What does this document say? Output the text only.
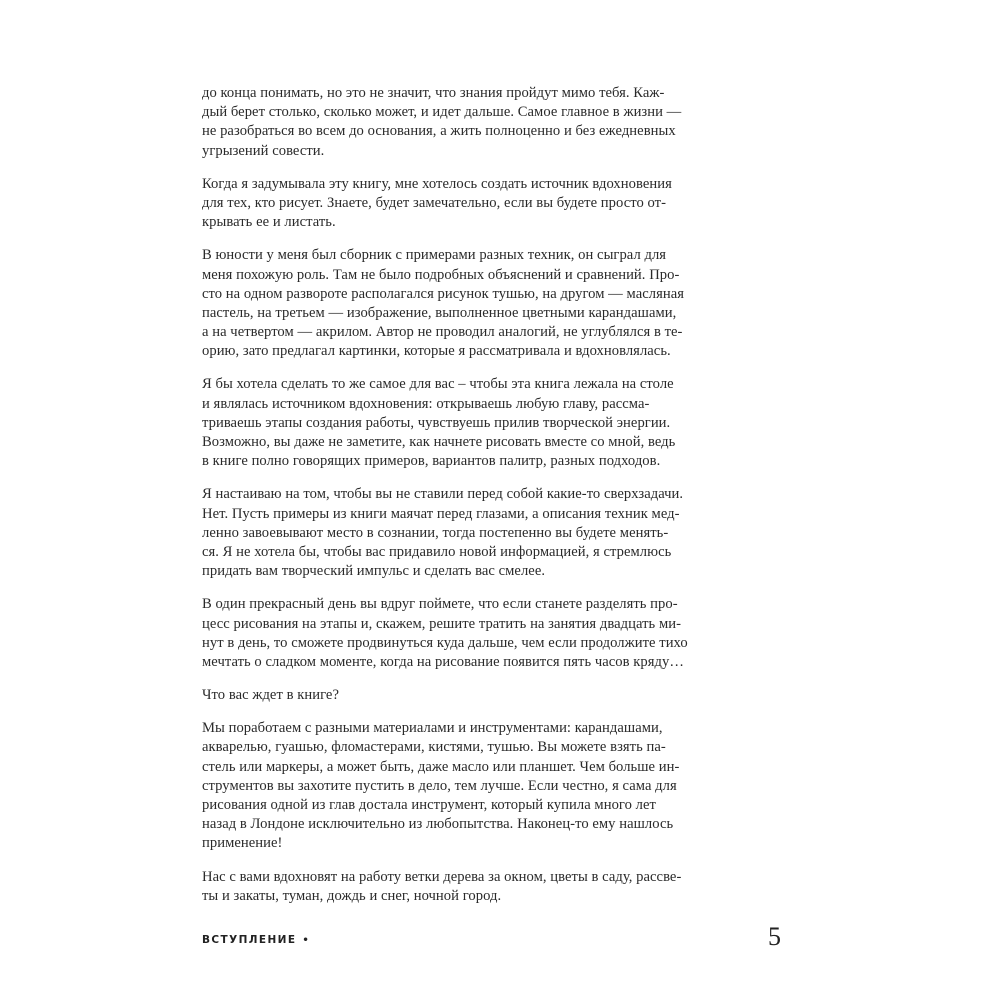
до конца понимать, но это не значит, что знания пройдут мимо тебя. Каж-
дый берет столько, сколько может, и идет дальше. Самое главное в жизни —
не разобраться во всем до основания, а жить полноценно и без ежедневных
угрызений совести.

Когда я задумывала эту книгу, мне хотелось создать источник вдохновения
для тех, кто рисует. Знаете, будет замечательно, если вы будете просто от-
крывать ее и листать.

В юности у меня был сборник с примерами разных техник, он сыграл для
меня похожую роль. Там не было подробных объяснений и сравнений. Про-
сто на одном развороте располагался рисунок тушью, на другом — масляная
пастель, на третьем — изображение, выполненное цветными карандашами,
а на четвертом — акрилом. Автор не проводил аналогий, не углублялся в те-
орию, зато предлагал картинки, которые я рассматривала и вдохновлялась.

Я бы хотела сделать то же самое для вас – чтобы эта книга лежала на столе
и являлась источником вдохновения: открываешь любую главу, рассма-
триваешь этапы создания работы, чувствуешь прилив творческой энергии.
Возможно, вы даже не заметите, как начнете рисовать вместе со мной, ведь
в книге полно говорящих примеров, вариантов палитр, разных подходов.

Я настаиваю на том, чтобы вы не ставили перед собой какие-то сверхзадачи.
Нет. Пусть примеры из книги маячат перед глазами, а описания техник мед-
ленно завоевывают место в сознании, тогда постепенно вы будете менять-
ся. Я не хотела бы, чтобы вас придавило новой информацией, я стремлюсь
придать вам творческий импульс и сделать вас смелее.

В один прекрасный день вы вдруг поймете, что если станете разделять про-
цесс рисования на этапы и, скажем, решите тратить на занятия двадцать ми-
нут в день, то сможете продвинуться куда дальше, чем если продолжите тихо
мечтать о сладком моменте, когда на рисование появится пять часов кряду…

Что вас ждет в книге?

Мы поработаем с разными материалами и инструментами: карандашами,
акварелью, гуашью, фломастерами, кистями, тушью. Вы можете взять па-
стель или маркеры, а может быть, даже масло или планшет. Чем больше ин-
струментов вы захотите пустить в дело, тем лучше. Если честно, я сама для
рисования одной из глав достала инструмент, который купила много лет
назад в Лондоне исключительно из любопытства. Наконец-то ему нашлось
применение!

Нас с вами вдохновят на работу ветки дерева за окном, цветы в саду, рассве-
ты и закаты, туман, дождь и снег, ночной город.

ВСТУПЛЕНИЕ •	5
